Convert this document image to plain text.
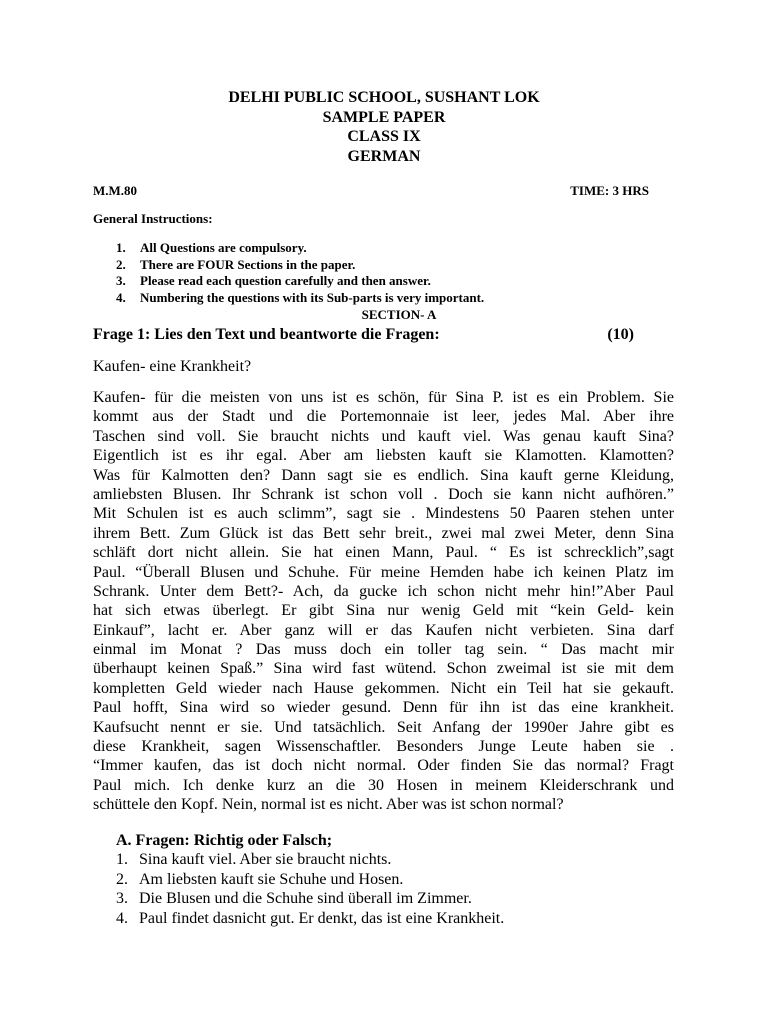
DELHI PUBLIC SCHOOL, SUSHANT LOK
SAMPLE PAPER
CLASS IX
GERMAN
M.M.80	TIME: 3 HRS
General Instructions:
1. All Questions are compulsory.
2. There are FOUR Sections in the paper.
3. Please read each question carefully and then answer.
4. Numbering the questions with its Sub-parts is very important.
SECTION- A
Frage 1: Lies den Text und beantworte die Fragen:	(10)
Kaufen- eine Krankheit?
Kaufen- für die meisten von uns ist es schön, für Sina P. ist es ein Problem. Sie
kommt aus der Stadt und die Portemonnaie ist leer, jedes Mal. Aber ihre
Taschen sind voll. Sie braucht nichts und kauft viel. Was genau kauft Sina?
Eigentlich ist es ihr egal. Aber am liebsten kauft sie Klamotten. Klamotten?
Was für Kalmotten den? Dann sagt sie es endlich. Sina kauft gerne Kleidung,
amliebsten Blusen. Ihr Schrank ist schon voll . Doch sie kann nicht aufhören.”
Mit Schulen ist es auch sclimm”, sagt sie . Mindestens 50 Paaren stehen unter
ihrem Bett. Zum Glück ist das Bett sehr breit., zwei mal zwei Meter, denn Sina
schläft dort nicht allein. Sie hat einen Mann, Paul. “ Es ist schrecklich”,sagt
Paul. “Überall Blusen und Schuhe. Für meine Hemden habe ich keinen Platz im
Schrank. Unter dem Bett?- Ach, da gucke ich schon nicht mehr hin!”Aber Paul
hat sich etwas überlegt. Er gibt Sina nur wenig Geld mit “kein Geld- kein
Einkauf”, lacht er. Aber ganz will er das Kaufen nicht verbieten. Sina darf
einmal im Monat ? Das muss doch ein toller tag sein. “ Das macht mir
überhaupt keinen Spaß.” Sina wird fast wütend. Schon zweimal ist sie mit dem
kompletten Geld wieder nach Hause gekommen. Nicht ein Teil hat sie gekauft.
Paul hofft, Sina wird so wieder gesund. Denn für ihn ist das eine krankheit.
Kaufsucht nennt er sie. Und tatsächlich. Seit Anfang der 1990er Jahre gibt es
diese Krankheit, sagen Wissenschaftler. Besonders Junge Leute haben sie .
“Immer kaufen, das ist doch nicht normal. Oder finden Sie das normal? Fragt
Paul mich. Ich denke kurz an die 30 Hosen in meinem Kleiderschrank und
schüttele den Kopf. Nein, normal ist es nicht. Aber was ist schon normal?
A. Fragen: Richtig oder Falsch;
1. Sina kauft viel. Aber sie braucht nichts.
2. Am liebsten kauft sie Schuhe und Hosen.
3. Die Blusen und die Schuhe sind überall im Zimmer.
4. Paul findet dasnicht gut. Er denkt, das ist eine Krankheit.
